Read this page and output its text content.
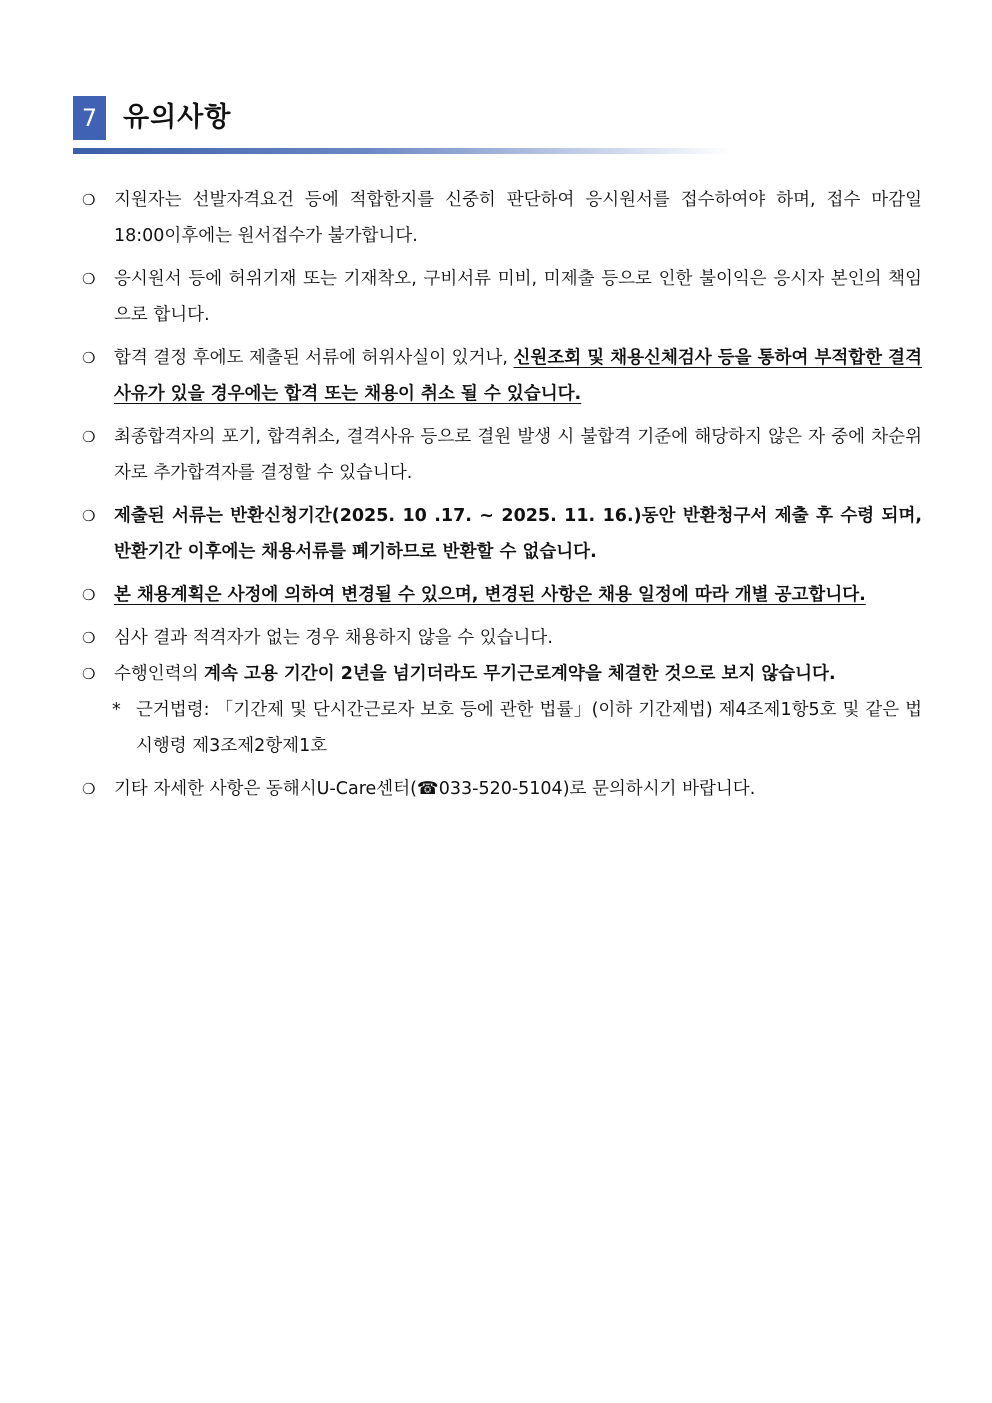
7 유의사항
❍ 지원자는 선발자격요건 등에 적합한지를 신중히 판단하여 응시원서를 접수하여야 하며, 접수 마감일 18:00이후에는 원서접수가 불가합니다.

❍ 응시원서 등에 허위기재 또는 기재착오, 구비서류 미비, 미제출 등으로 인한 불이익은 응시자 본인의 책임으로 합니다.

❍ 합격 결정 후에도 제출된 서류에 허위사실이 있거나, 신원조회 및 채용신체검사 등을 통하여 부적합한 결격사유가 있을 경우에는 합격 또는 채용이 취소 될 수 있습니다.

❍ 최종합격자의 포기, 합격취소, 결격사유 등으로 결원 발생 시 불합격 기준에 해당하지 않은 자 중에 차순위자로 추가합격자를 결정할 수 있습니다.

❍ 제출된 서류는 반환신청기간(2025. 10 .17. ~ 2025. 11. 16.)동안 반환청구서 제출 후 수령 되며, 반환기간 이후에는 채용서류를 폐기하므로 반환할 수 없습니다.

❍ 본 채용계획은 사정에 의하여 변경될 수 있으며, 변경된 사항은 채용 일정에 따라 개별 공고합니다.

❍ 심사 결과 적격자가 없는 경우 채용하지 않을 수 있습니다.

❍ 수행인력의 계속 고용 기간이 2년을 넘기더라도 무기근로계약을 체결한 것으로 보지 않습니다.

* 근거법령: 「기간제 및 단시간근로자 보호 등에 관한 법률」(이하 기간제법) 제4조제1항5호 및 같은 법 시행령 제3조제2항제1호
❍ 기타 자세한 사항은 동해시U-Care센터(☎033-520-5104)로 문의하시기 바랍니다.
